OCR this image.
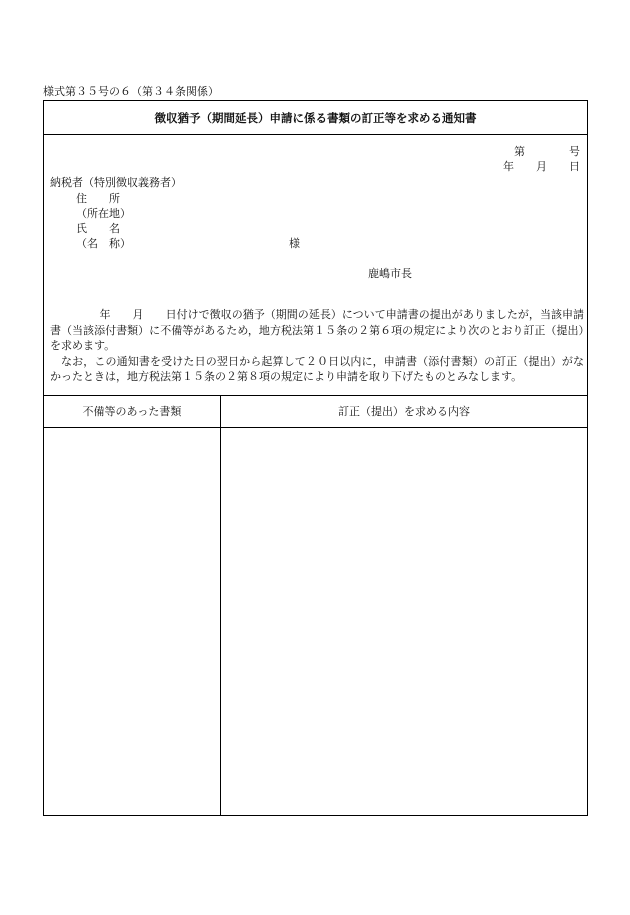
様式第３５号の６（第３４条関係）
徴収猶予（期間延長）申請に係る書類の訂正等を求める通知書
第　　　　号
年　　月　　日
納税者（特別徴収義務者）
住　　所
（所在地）
氏　　名
（名　称）	様
鹿嶋市長

年　　月　　日付けで徴収の猶予（期間の延長）について申請書の提出がありましたが，当該申請書（当該添付書類）に不備等があるため，地方税法第１５条の２第６項の規定により次のとおり訂正（提出）を求めます。

なお，この通知書を受けた日の翌日から起算して２０日以内に，申請書（添付書類）の訂正（提出）がなかったときは，地方税法第１５条の２第８項の規定により申請を取り下げたものとみなします。

不備等のあった書類	訂正（提出）を求める内容
